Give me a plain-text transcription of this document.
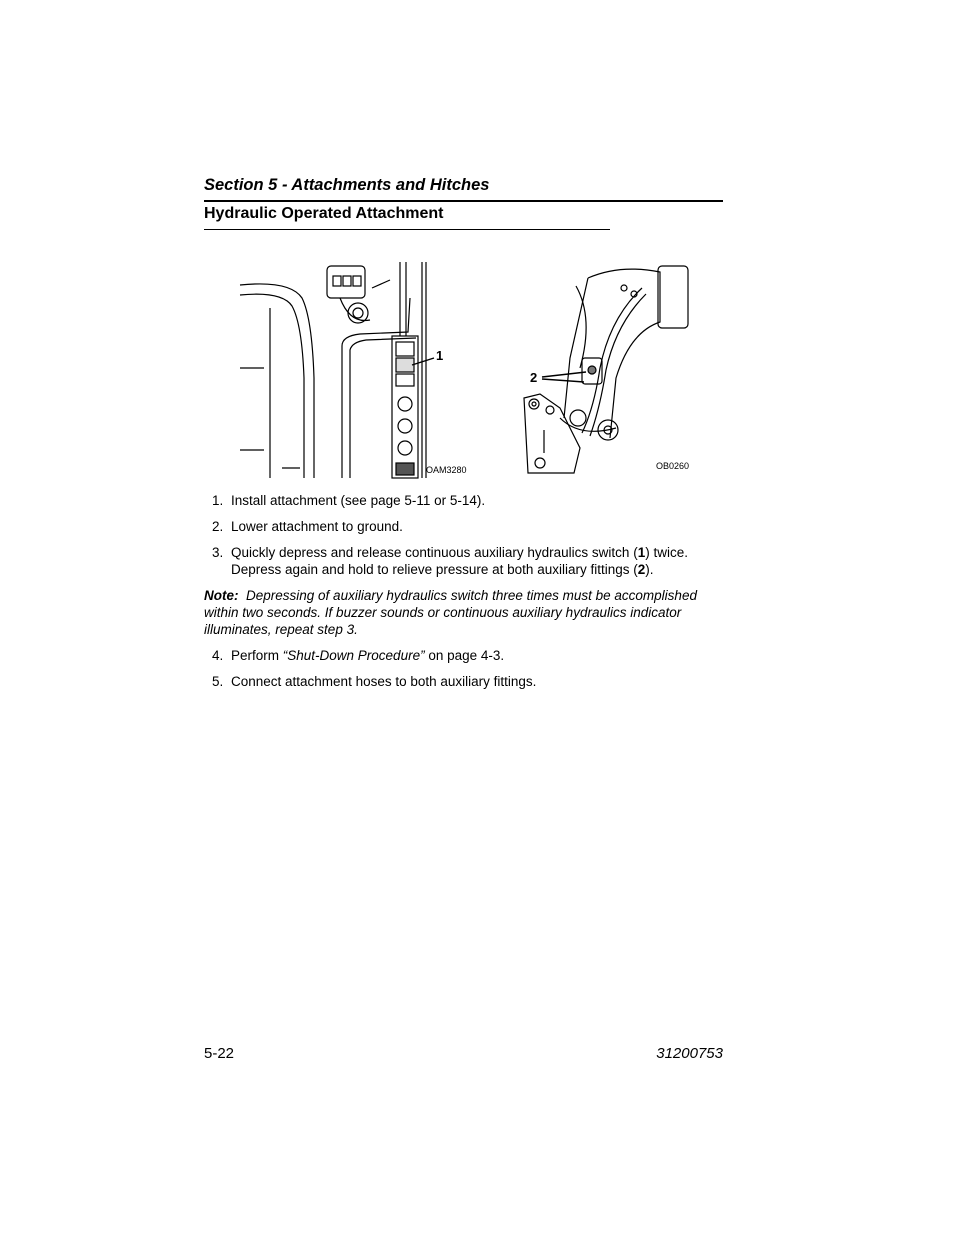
Section 5 - Attachments and Hitches
Hydraulic Operated Attachment
1
OAM3280
2
OB0260

1. Install attachment (see page 5-11 or 5-14).

2. Lower attachment to ground.

3. Quickly depress and release continuous auxiliary hydraulics switch (1) twice. Depress again and hold to relieve pressure at both auxiliary fittings (2).

Note: Depressing of auxiliary hydraulics switch three times must be accomplished within two seconds. If buzzer sounds or continuous auxiliary hydraulics indicator illuminates, repeat step 3.

4. Perform “Shut-Down Procedure” on page 4-3.

5. Connect attachment hoses to both auxiliary fittings.

5-22	31200753
